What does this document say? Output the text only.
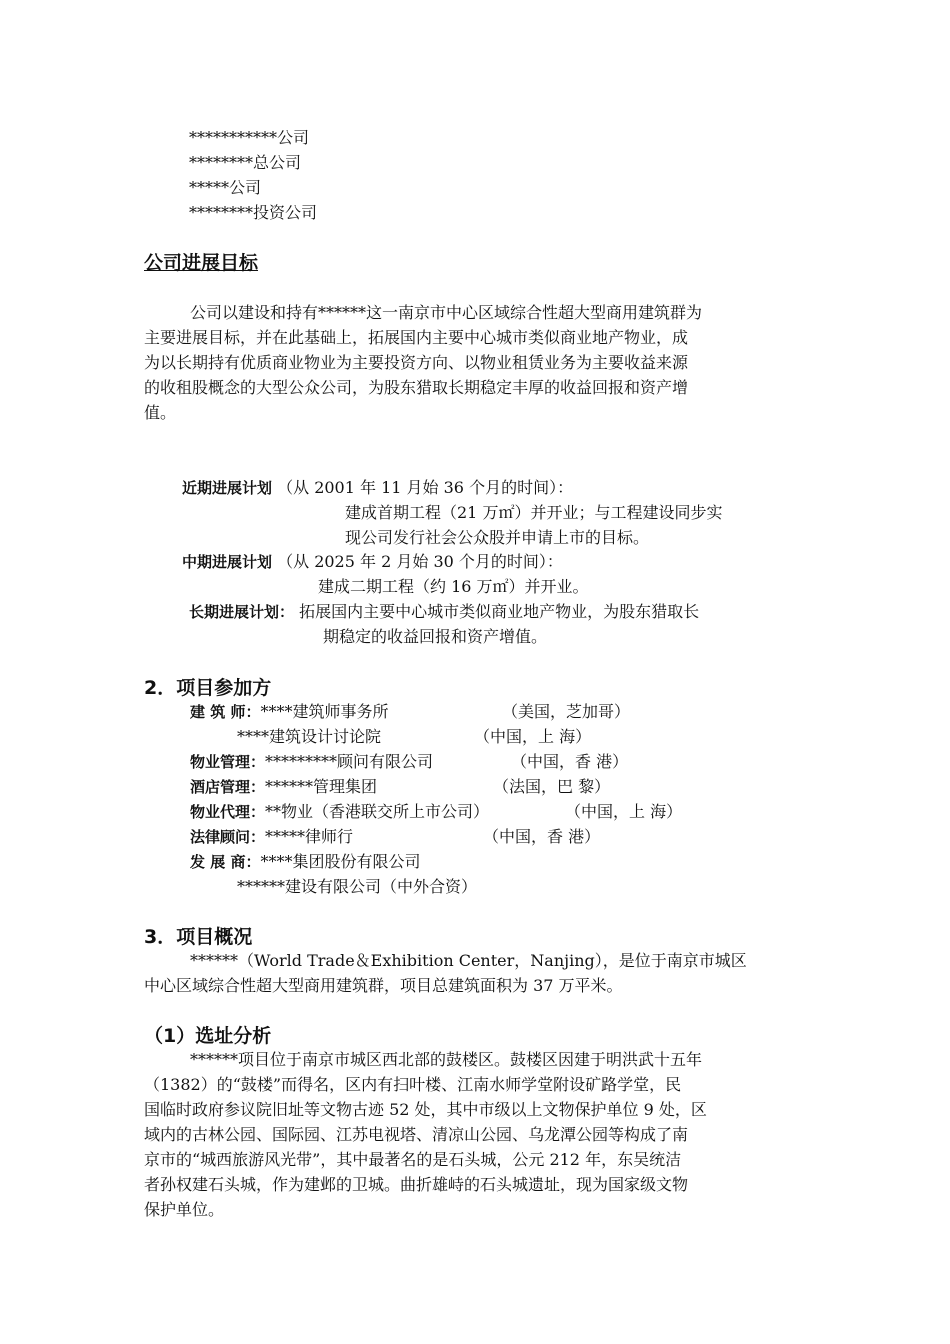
***********公司
********总公司
*****公司
********投资公司
公司进展目标
公司以建设和持有******这一南京市中心区域综合性超大型商用建筑群为
主要进展目标，并在此基础上，拓展国内主要中心城市类似商业地产物业，成
为以长期持有优质商业物业为主要投资方向、以物业租赁业务为主要收益来源
的收租股概念的大型公众公司，为股东猎取长期稳定丰厚的收益回报和资产增
值。
近期进展计划 （从 2001 年 11 月始 36 个月的时间）：
建成首期工程（21 万㎡）并开业；与工程建设同步实
现公司发行社会公众股并申请上市的目标。
中期进展计划 （从 2025 年 2 月始 30 个月的时间）：
建成二期工程（约 16 万㎡）并开业。
长期进展计划： 拓展国内主要中心城市类似商业地产物业，为股东猎取长
期稳定的收益回报和资产增值。
2．项目参加方
建 筑 师：****建筑师事务所	（美国，芝加哥）
****建筑设计讨论院	（中国，上 海）
物业管理：*********顾问有限公司	（中国，香 港）
酒店管理：******管理集团	（法国，巴 黎）
物业代理：**物业（香港联交所上市公司）	（中国，上 海）
法律顾问：*****律师行	（中国，香 港）
发 展 商：****集团股份有限公司
******建设有限公司（中外合资）
3．项目概况
******（World Trade＆Exhibition Center，Nanjing），是位于南京市城区
中心区域综合性超大型商用建筑群，项目总建筑面积为 37 万平米。
（1）选址分析
******项目位于南京市城区西北部的鼓楼区。鼓楼区因建于明洪武十五年
（1382）的“鼓楼”而得名，区内有扫叶楼、江南水师学堂附设矿路学堂，民
国临时政府参议院旧址等文物古迹 52 处，其中市级以上文物保护单位 9 处，区
域内的古林公园、国际园、江苏电视塔、清凉山公园、乌龙潭公园等构成了南
京市的“城西旅游风光带”，其中最著名的是石头城，公元 212 年，东吴统洁
者孙权建石头城，作为建邺的卫城。曲折雄峙的石头城遗址，现为国家级文物
保护单位。
